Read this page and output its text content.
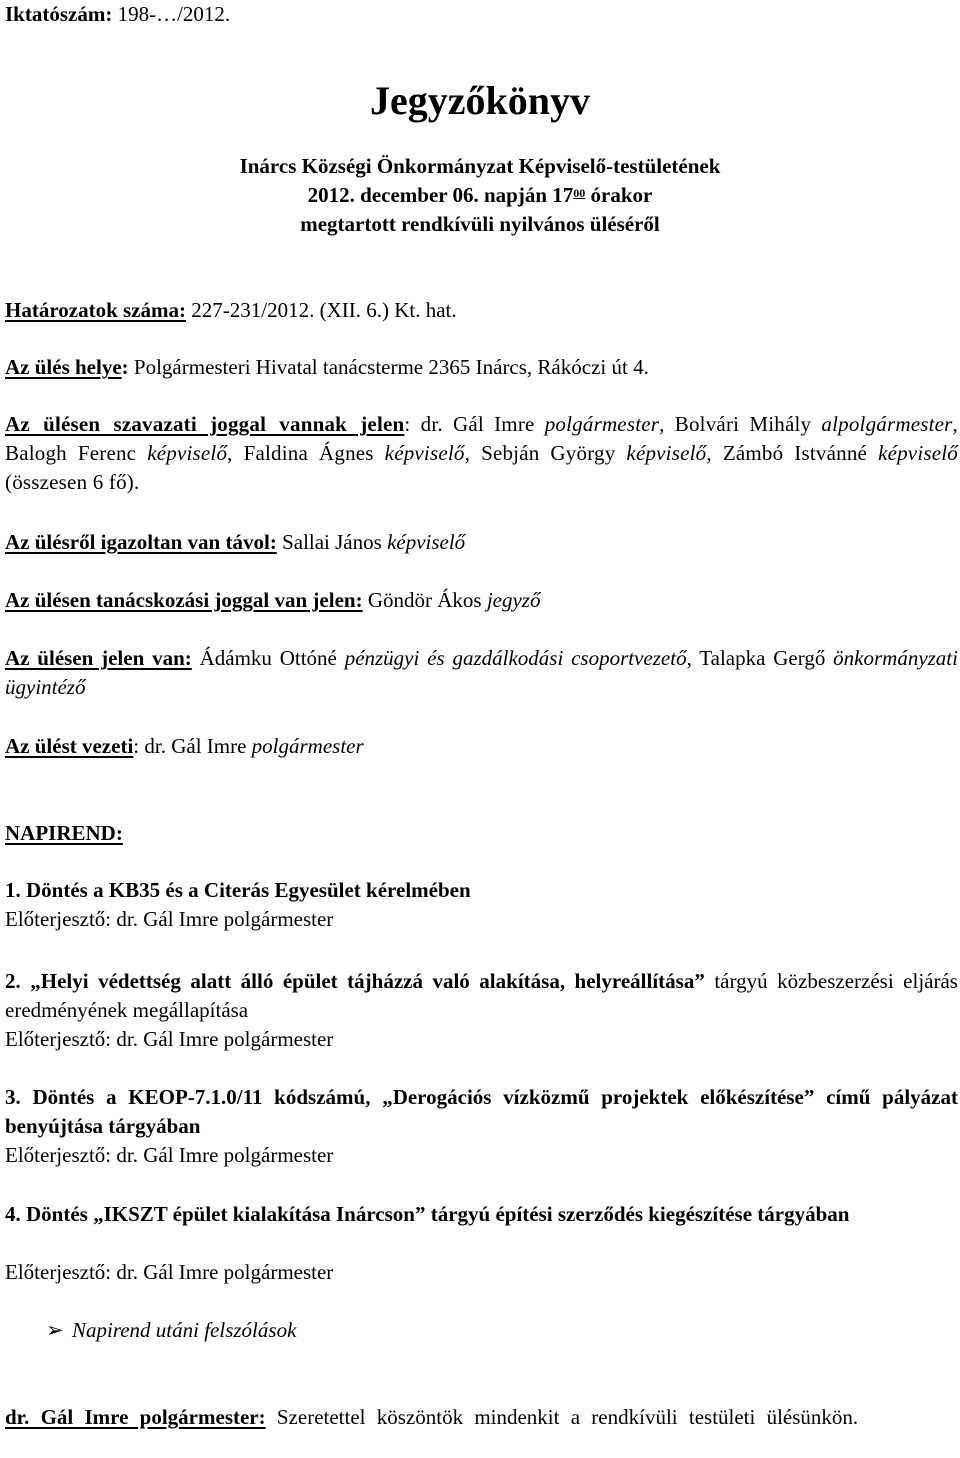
Iktatószám: 198-…/2012.
Jegyzőkönyv
Inárcs Községi Önkormányzat Képviselő-testületének
2012. december 06. napján $17^{00}$ órakor
megtartott rendkívüli nyilvános üléséről
Határozatok száma: 227-231/2012. (XII. 6.) Kt. hat.
Az ülés helye: Polgármesteri Hivatal tanácsterme 2365 Inárcs, Rákóczi út 4.
Az ülésen szavazati joggal vannak jelen: dr. Gál Imre polgármester, Bolvári Mihály alpolgármester, Balogh Ferenc képviselő, Faldina Ágnes képviselő, Sebján György képviselő, Zámbó Istvánné képviselő (összesen 6 fő).
Az ülésről igazoltan van távol: Sallai János képviselő
Az ülésen tanácskozási joggal van jelen: Göndör Ákos jegyző
Az ülésen jelen van: Ádámku Ottóné pénzügyi és gazdálkodási csoportvezető, Talapka Gergő önkormányzati ügyintéző
Az ülést vezeti: dr. Gál Imre polgármester
NAPIREND:
1. Döntés a KB35 és a Citerás Egyesület kérelmében
Előterjesztő: dr. Gál Imre polgármester
2. „Helyi védettség alatt álló épület tájházzá való alakítása, helyreállítása” tárgyú közbeszerzési eljárás eredményének megállapítása
Előterjesztő: dr. Gál Imre polgármester
3. Döntés a KEOP-7.1.0/11 kódszámú, „Derogációs vízközmű projektek előkészítése” című pályázat benyújtása tárgyában
Előterjesztő: dr. Gál Imre polgármester
4. Döntés „IKSZT épület kialakítása Inárcson” tárgyú építési szerződés kiegészítése tárgyában
Előterjesztő: dr. Gál Imre polgármester
➢ Napirend utáni felszólások
dr. Gál Imre polgármester: Szeretettel köszöntök mindenkit a rendkívüli testületi ülésünkön.
